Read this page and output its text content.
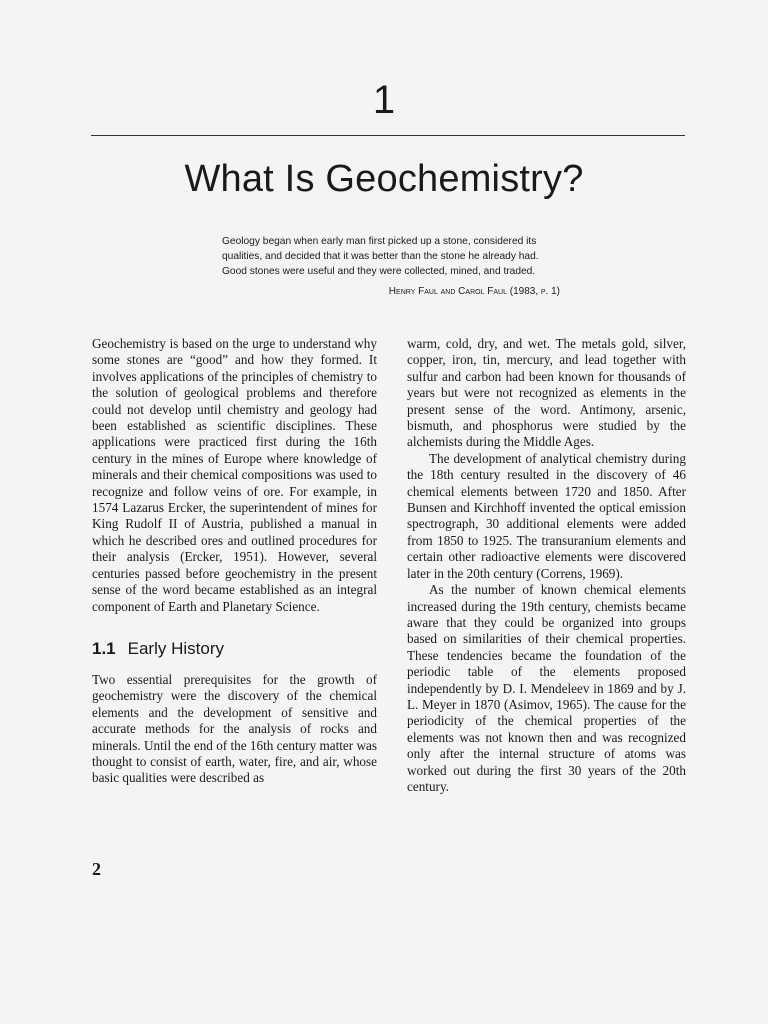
1
What Is Geochemistry?
Geology began when early man first picked up a stone, considered its qualities, and decided that it was better than the stone he already had. Good stones were useful and they were collected, mined, and traded.
Henry Faul and Carol Faul (1983, p. 1)

Geochemistry is based on the urge to understand why some stones are “good” and how they formed. It involves applications of the principles of chemistry to the solution of geological problems and therefore could not develop until chemistry and geology had been established as scientific disciplines. These applications were practiced first during the 16th century in the mines of Europe where knowledge of minerals and their chemical compositions was used to recognize and follow veins of ore. For example, in 1574 Lazarus Ercker, the superintendent of mines for King Rudolf II of Austria, published a manual in which he described ores and outlined procedures for their analysis (Ercker, 1951). However, several centuries passed before geochemistry in the present sense of the word became established as an integral component of Earth and Planetary Science.

1.1 Early History

Two essential prerequisites for the growth of geochemistry were the discovery of the chemical elements and the development of sensitive and accurate methods for the analysis of rocks and minerals. Until the end of the 16th century matter was thought to consist of earth, water, fire, and air, whose basic qualities were described as

warm, cold, dry, and wet. The metals gold, silver, copper, iron, tin, mercury, and lead together with sulfur and carbon had been known for thousands of years but were not recognized as elements in the present sense of the word. Antimony, arsenic, bismuth, and phosphorus were studied by the alchemists during the Middle Ages.

The development of analytical chemistry during the 18th century resulted in the discovery of 46 chemical elements between 1720 and 1850. After Bunsen and Kirchhoff invented the optical emission spectrograph, 30 additional elements were added from 1850 to 1925. The transuranium elements and certain other radioactive elements were discovered later in the 20th century (Correns, 1969).

As the number of known chemical elements increased during the 19th century, chemists became aware that they could be organized into groups based on similarities of their chemical properties. These tendencies became the foundation of the periodic table of the elements proposed independently by D. I. Mendeleev in 1869 and by J. L. Meyer in 1870 (Asimov, 1965). The cause for the periodicity of the chemical properties of the elements was not known then and was recognized only after the internal structure of atoms was worked out during the first 30 years of the 20th century.

2
